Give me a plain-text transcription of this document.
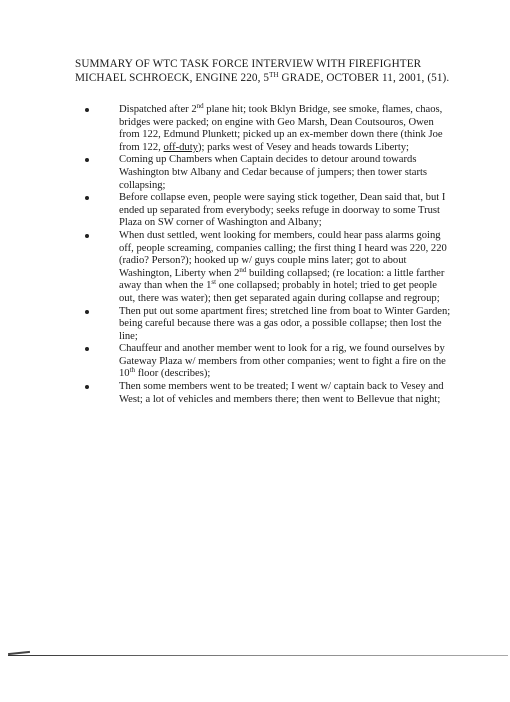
SUMMARY OF WTC TASK FORCE INTERVIEW WITH FIREFIGHTER MICHAEL SCHROECK, ENGINE 220, 5TH GRADE, OCTOBER 11, 2001, (51).
Dispatched after 2nd plane hit; took Bklyn Bridge, see smoke, flames, chaos, bridges were packed; on engine with Geo Marsh, Dean Coutsouros, Owen from 122, Edmund Plunkett; picked up an ex-member down there (think Joe from 122, off-duty); parks west of Vesey and heads towards Liberty;
Coming up Chambers when Captain decides to detour around towards Washington btw Albany and Cedar because of jumpers; then tower starts collapsing;
Before collapse even, people were saying stick together, Dean said that, but I ended up separated from everybody; seeks refuge in doorway to some Trust Plaza on SW corner of Washington and Albany;
When dust settled, went looking for members, could hear pass alarms going off, people screaming, companies calling; the first thing I heard was 220, 220 (radio? Person?); hooked up w/ guys couple mins later; got to about Washington, Liberty when 2nd building collapsed; (re location: a little farther away than when the 1st one collapsed; probably in hotel; tried to get people out, there was water); then get separated again during collapse and regroup;
Then put out some apartment fires; stretched line from boat to Winter Garden; being careful because there was a gas odor, a possible collapse; then lost the line;
Chauffeur and another member went to look for a rig, we found ourselves by Gateway Plaza w/ members from other companies; went to fight a fire on the 10th floor (describes);
Then some members went to be treated; I went w/ captain back to Vesey and West; a lot of vehicles and members there; then went to Bellevue that night;
